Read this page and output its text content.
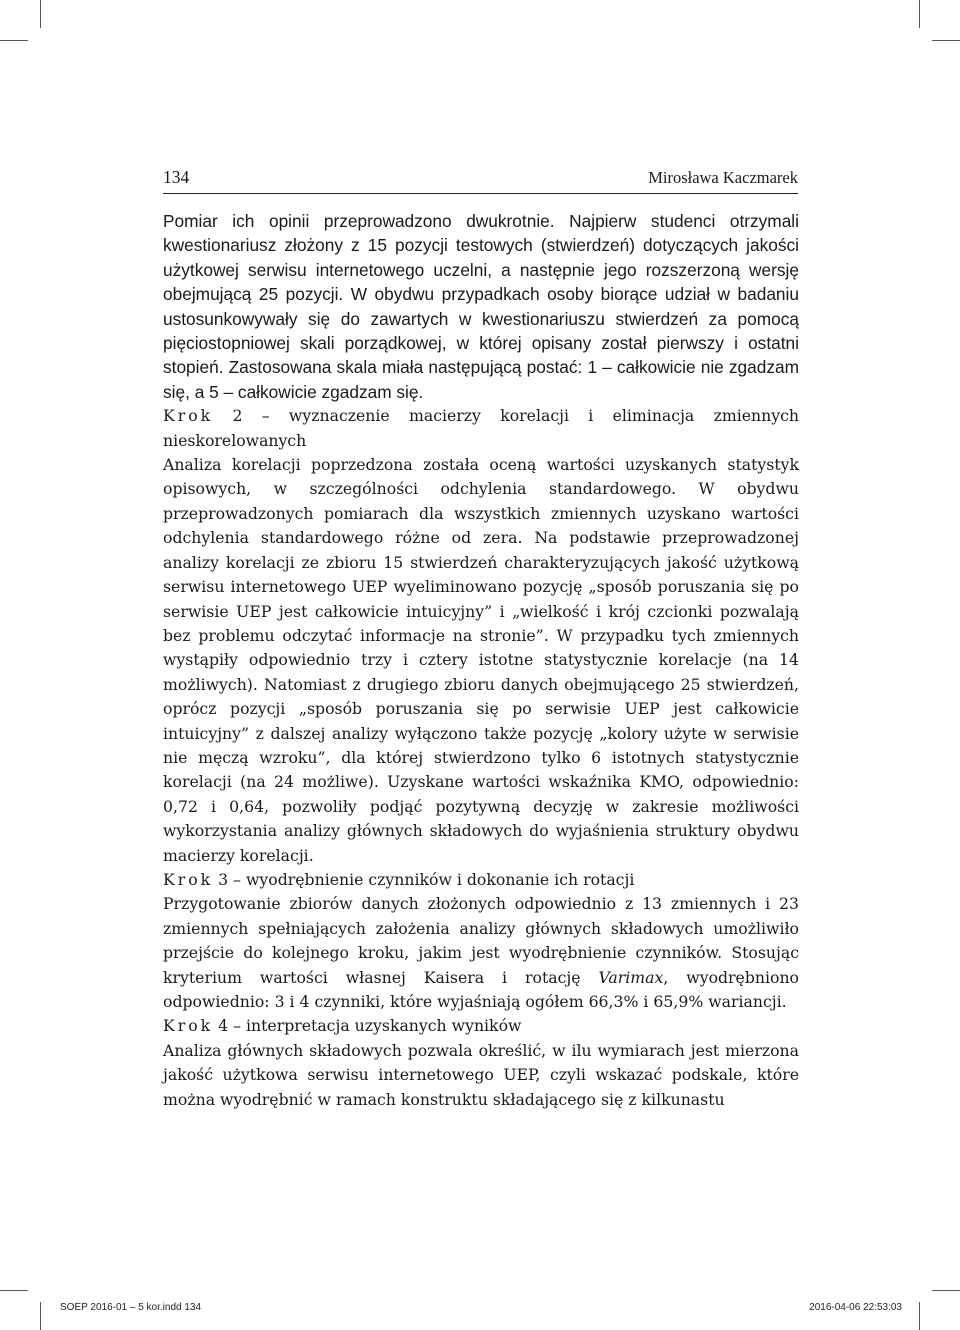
134	Mirosława Kaczmarek

Pomiar ich opinii przeprowadzono dwukrotnie. Najpierw studenci otrzymali kwestionariusz złożony z 15 pozycji testowych (stwierdzeń) dotyczących jakości użytkowej serwisu internetowego uczelni, a następnie jego rozszerzoną wersję obejmującą 25 pozycji. W obydwu przypadkach osoby biorące udział w badaniu ustosunkowywały się do zawartych w kwestionariuszu stwierdzeń za pomocą pięciostopniowej skali porządkowej, w której opisany został pierwszy i ostatni stopień. Zastosowana skala miała następującą postać: 1 – całkowicie nie zgadzam się, a 5 – całkowicie zgadzam się.

Krok 2 – wyznaczenie macierzy korelacji i eliminacja zmiennych nieskorelowanych
Analiza korelacji poprzedzona została oceną wartości uzyskanych statystyk opisowych, w szczególności odchylenia standardowego. W obydwu przeprowadzonych pomiarach dla wszystkich zmiennych uzyskano wartości odchylenia standardowego różne od zera. Na podstawie przeprowadzonej analizy korelacji ze zbioru 15 stwierdzeń charakteryzujących jakość użytkową serwisu internetowego UEP wyeliminowano pozycję „sposób poruszania się po serwisie UEP jest całkowicie intuicyjny” i „wielkość i krój czcionki pozwalają bez problemu odczytać informacje na stronie”. W przypadku tych zmiennych wystąpiły odpowiednio trzy i cztery istotne statystycznie korelacje (na 14 możliwych). Natomiast z drugiego zbioru danych obejmującego 25 stwierdzeń, oprócz pozycji „sposób poruszania się po serwisie UEP jest całkowicie intuicyjny” z dalszej analizy wyłączono także pozycję „kolory użyte w serwisie nie męczą wzroku”, dla której stwierdzono tylko 6 istotnych statystycznie korelacji (na 24 możliwe). Uzyskane wartości wskaźnika KMO, odpowiednio: 0,72 i 0,64, pozwoliły podjąć pozytywną decyzję w zakresie możliwości wykorzystania analizy głównych składowych do wyjaśnienia struktury obydwu macierzy korelacji.

Krok 3 – wyodrębnienie czynników i dokonanie ich rotacji
Przygotowanie zbiorów danych złożonych odpowiednio z 13 zmiennych i 23 zmiennych spełniających założenia analizy głównych składowych umożliwiło przejście do kolejnego kroku, jakim jest wyodrębnienie czynników. Stosując kryterium wartości własnej Kaisera i rotację Varimax, wyodrębniono odpowiednio: 3 i 4 czynniki, które wyjaśniają ogółem 66,3% i 65,9% wariancji.

Krok 4 – interpretacja uzyskanych wyników
Analiza głównych składowych pozwala określić, w ilu wymiarach jest mierzona jakość użytkowa serwisu internetowego UEP, czyli wskazać podskale, które można wyodrębnić w ramach konstruktu składającego się z kilkunastu

SOEP 2016-01 – 5 kor.indd 134	2016-04-06 22:53:03
